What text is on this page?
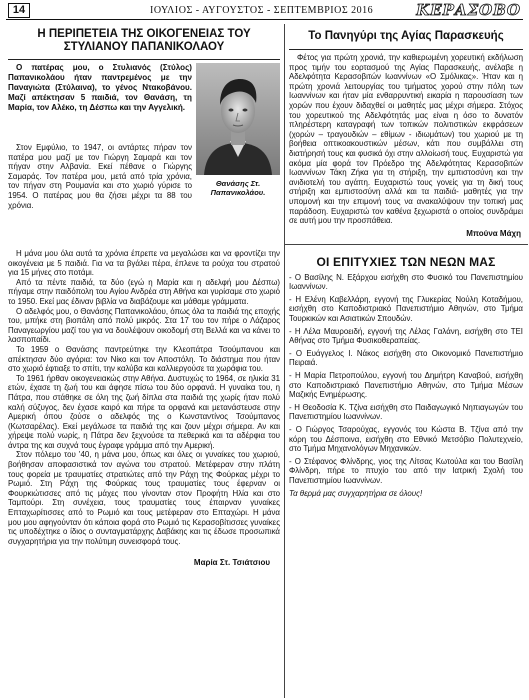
14	ΙΟΥΛΙΟΣ - ΑΥΓΟΥΣΤΟΣ - ΣΕΠΤΕΜΒΡΙΟΣ 2016	ΚΕΡΑΣΟΒΟ
Η ΠΕΡΙΠΕΤΕΙΑ ΤΗΣ ΟΙΚΟΓΕΝΕΙΑΣ ΤΟΥ ΣΤΥΛΙΑΝΟΥ ΠΑΠΑΝΙΚΟΛΑΟΥ
Ο πατέρας μου, ο Στυλιανός (Στύλος) Παπανικολάου ήταν παντρεμένος με την Παναγιώτα (Στύλαινα), το γένος Ντακοβάνου. Μαζί απέκτησαν 5 παιδιά, τον Θανάση, τη Μαρία, τον Αλέκο, τη Δέσπω και την Αγγελική.

Στον Εμφύλιο, το 1947, οι αντάρτες πήραν τον πατέρα μου μαζί με τον Γιώργη Σαμαρά και τον πήγαν στην Αλβανία. Εκεί πέθανε ο Γιώργης Σαμαράς. Τον πατέρα μου, μετά από τρία χρόνια, τον πήγαν στη Ρουμανία και στο χωριό γύρισε το 1954. Ο πατέρας μου θα ζήσει μέχρι τα 88 του χρόνια.

Θανάσης Στ. Παπανικολάου.

Η μάνα μου όλα αυτά τα χρόνια έπρεπε να μεγαλώσει και να φροντίζει την οικογένεια με 5 παιδιά. Για να τα βγάλει πέρα, έπλενε τα ρούχα του στρατού για 15 μήνες στο ποτάμι.

Από τα πέντε παιδιά, τα δύο (εγώ η Μαρία και η αδελφή μου Δέσπω) πήγαμε στην παιδόπολη του Αγίου Ανδρέα στη Αθήνα και γυρίσαμε στο χωριό το 1950. Εκεί μας έδιναν βιβλία να διαβάζουμε και μάθαμε γράμματα.

Ο αδελφός μου, ο Θανάσης Παπανικολάου, όπως όλα τα παιδιά της εποχής του, μπήκε στη βιοπάλη από πολύ μικρός. Στα 17 του τον πήρε ο Λάζαρος Παναγεωργίου μαζί του για να δουλέψουν οικοδομή στη Βελλά και να κάνει το λασποπαίδι.

Το 1959 ο Θανάσης παντρεύτηκε την Κλεοπάτρα Τσούμπανου και απέκτησαν δύο αγόρια: τον Νίκο και τον Αποστόλη. Το διάστημα που ήταν στο χωριό έφτιαξε το σπίτι, την καλύβα και καλλιεργούσε τα χωράφια του.

Το 1961 ήρθαν οικογενειακώς στην Αθήνα. Δυστυχώς το 1964, σε ηλικία 31 ετών, έχασε τη ζωή του και άφησε πίσω του δύο ορφανά. Η γυναίκα του, η Πάτρα, που στάθηκε σε όλη της ζωή δίπλα στα παιδιά της χωρίς ήταν πολύ καλή σύζυγος, δεν έχασε καιρό και πήρε τα ορφανά και μετανάστευσε στην Αμερική όπου ζούσε ο αδελφός της ο Κωνσταντίνος Τσούμπανος (Κωτσαρέλας). Εκεί μεγάλωσε τα παιδιά της και ζουν μέχρι σήμερα. Αν και χήρεψε πολύ νωρίς, η Πάτρα δεν ξεχνούσε τα πεθερικά και τα αδέρφια του άντρα της και συχνά τους έγραφε γράμμα από την Αμερική.

Στον πόλεμο του '40, η μάνα μου, όπως και όλες οι γυναίκες του χωριού, βοήθησαν αποφασιστικά τον αγώνα του στρατού. Μετέφεραν στην πλάτη τους φορεία με τραυματίες στρατιώτες από την Ράχη της Φούρκας μέχρι το Ρωμιό. Στη Ράχη της Φούρκας τους τραυματίες τους έφερναν οι Φουρκιώτισσες από τις μάχες που γίνονταν στον Προφήτη Ηλία και στο Ταμπούρι. Στη συνέχεια, τους τραυματίες τους έπαιρναν γυναίκες Επταχωρίτισσες από το Ρωμιό και τους μετέφεραν στο Επταχώρι. Η μάνα μου μου αφηγούνταν ότι κάποια φορά στο Ρωμιό τις Κερασοβίτισσες γυναίκες τις υποδέχτηκε ο ίδιος ο συνταγματάρχης Δαβάκης και τις έδωσε προσωπικά συγχαρητήρια για την πολύτιμη συνεισφορά τους.

Μαρία Στ. Τσιάτσιου
Το Πανηγύρι της Αγίας Παρασκευής

Φέτος για πρώτη χρονιά, την καθιερωμένη χορευτική εκδήλωση προς τιμήν του εορτασμού της Αγίας Παρασκευής, ανέλαβε η Αδελφότητα Κερασοβιτών Ιωαννίνων «Ο Σμόλικας». Ήταν και η πρώτη χρονιά λειτουργίας του τμήματος χορού στην πόλη των Ιωαννίνων και ήταν μία ενθαρρυντική εικαρία η παρουσίαση των χορών που έχουν διδαχθεί οι μαθητές μας μέχρι σήμερα. Στόχος του χορευτικού της Αδελφότητάς μας είναι η όσο το δυνατόν πληρέστερη καταγραφή των τοπικών πολιτιστικών εκφράσεων (χορών – τραγουδιών – εθίμων - ιδιωμάτων) του χωριού με τη βοήθεια οπτικοακουστικών μέσων, κάτι που συμβάλλει στη διατήρησή τους και φυσικά όχι στην αλλοίωσή τους. Ευχαριστώ για ακόμα μία φορά τον Πρόεδρο της Αδελφότητας Κερασοβιτών Ιωαννίνων Τάκη Ζήκα για τη στήριξη, την εμπιστοσύνη και την ανιδιοτελή του αγάπη. Ευχαριστώ τους γονείς για τη δική τους στήριξη και εμπιστοσύνη αλλά και τα παιδιά- μαθητές για την υπομονή και την επιμονή τους να ανακαλύψουν την τοπική μας παράδοση. Ευχαριστώ τον καθένα ξεχωριστά ο οποίος συνδράμει σε αυτή μου την προσπάθεια.

Μπούνα Μάχη
ΟΙ ΕΠΙΤΥΧΙΕΣ ΤΩΝ ΝΕΩΝ ΜΑΣ
- Ο Βασίλης Ν. Εξάρχου εισήχθη στο Φυσικό του Πανεπιστημίου Ιωαννίνων.
- Η Ελένη Καβελλάρη, εγγονή της Γλυκερίας Νούλη Κοταδήμου, εισήχθη στο Καποδιστριακό Πανεπιστήμιο Αθηνών, στο Τμήμα Τουρκικών και Ασιατικών Σπουδών.
- Η Λέλα Μαυροειδή, εγγονή της Λέλας Γαλάνη, εισήχθη στο ΤΕΙ Αθήνας στο Τμήμα Φυσικοθεραπείας.
- Ο Ευάγγελος Ι. Νάκος εισήχθη στο Οικονομικό Πανεπιστήμιο Πειραιά.
- Η Μαρία Πετροπούλου, εγγονή του Δημήτρη Καναβού, εισήχθη στο Καποδιστριακό Πανεπιστήμιο Αθηνών, στο Τμήμα Μέσων Μαζικής Ενημέρωσης.
- Η Θεοδοσία Κ. Τζίνα εισήχθη στο Παιδαγωγικό Νηπιαγωγών του Πανεπιστημίου Ιωαννίνων.
- Ο Γιώργος Τσαρούχας, εγγονός του Κώστα Β. Τζίνα από την κόρη του Δέσποινα, εισήχθη στο Εθνικό Μετσόβιο Πολυτεχνείο, στο Τμήμα Μηχανολόγων Μηχανικών.
- Ο Στέφανος Φλίνδρης, γιος της Λίτσας Κωτούλα και του Βασίλη Φλίνδρη, πήρε το πτυχίο του από την Ιατρική Σχολή του Πανεπιστημίου Ιωαννίνων.
Τα θερμά μας συγχαρητήρια σε όλους!
